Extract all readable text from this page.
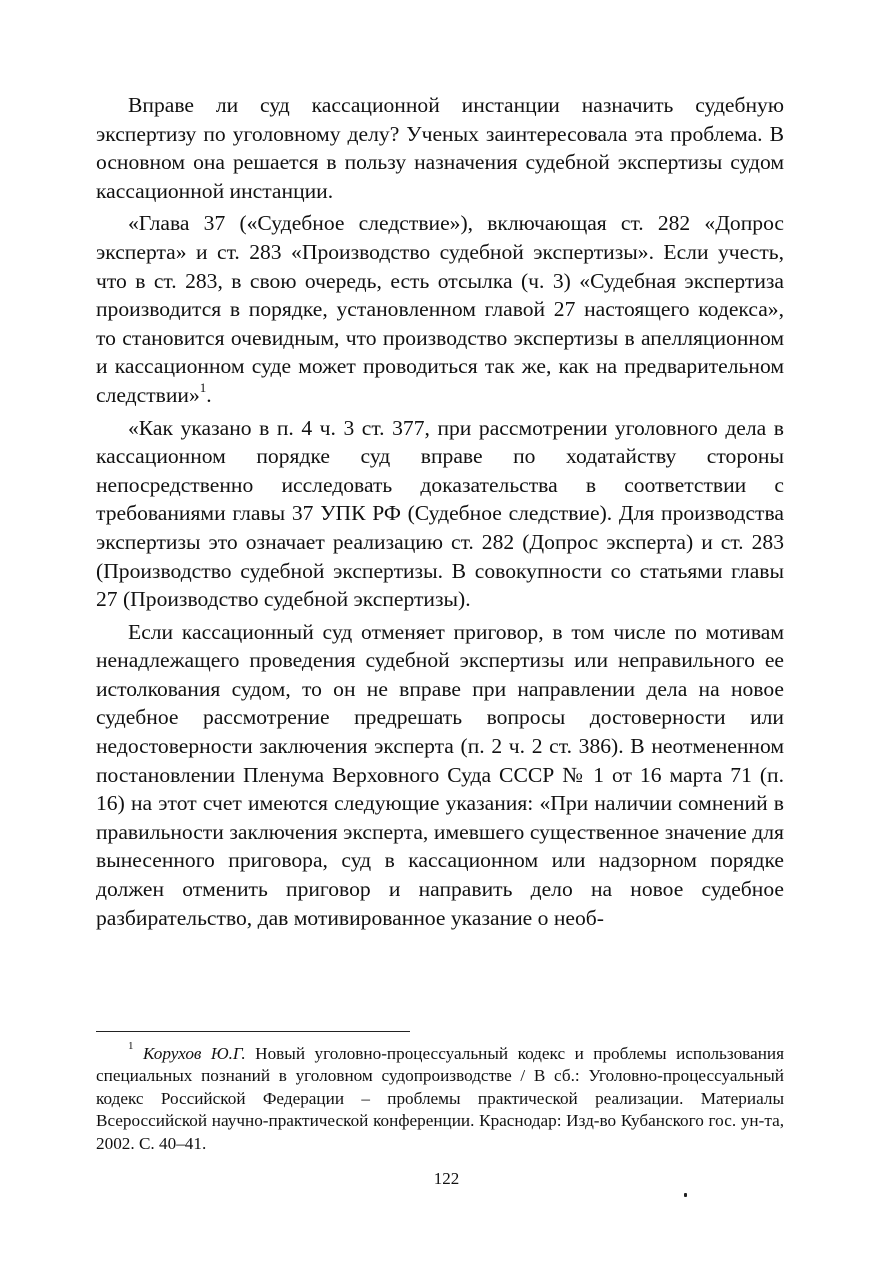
Вправе ли суд кассационной инстанции назначить судебную экспертизу по уголовному делу? Ученых заинтересовала эта проблема. В основном она решается в пользу назначения судебной экспертизы судом кассационной инстанции.

«Глава 37 («Судебное следствие»), включающая ст. 282 «Допрос эксперта» и ст. 283 «Производство судебной экспертизы». Если учесть, что в ст. 283, в свою очередь, есть отсылка (ч. 3) «Судебная экспертиза производится в порядке, установленном главой 27 настоящего кодекса», то становится очевидным, что производство экспертизы в апелляционном и кассационном суде может проводиться так же, как на предварительном следствии»$^1$.

«Как указано в п. 4 ч. 3 ст. 377, при рассмотрении уголовного дела в кассационном порядке суд вправе по ходатайству стороны непосредственно исследовать доказательства в соответствии с требованиями главы 37 УПК РФ (Судебное следствие). Для производства экспертизы это означает реализацию ст. 282 (Допрос эксперта) и ст. 283 (Производство судебной экспертизы. В совокупности со статьями главы 27 (Производство судебной экспертизы).

Если кассационный суд отменяет приговор, в том числе по мотивам ненадлежащего проведения судебной экспертизы или неправильного ее истолкования судом, то он не вправе при направлении дела на новое судебное рассмотрение предрешать вопросы достоверности или недостоверности заключения эксперта (п. 2 ч. 2 ст. 386). В неотмененном постановлении Пленума Верховного Суда СССР № 1 от 16 марта 71 (п. 16) на этот счет имеются следующие указания: «При наличии сомнений в правильности заключения эксперта, имевшего существенное значение для вынесенного приговора, суд в кассационном или надзорном порядке должен отменить приговор и направить дело на новое судебное разбирательство, дав мотивированное указание о необ-

$^1$ Корухов Ю.Г. Новый уголовно-процессуальный кодекс и проблемы использования специальных познаний в уголовном судопроизводстве / В сб.: Уголовно-процессуальный кодекс Российской Федерации – проблемы практической реализации. Материалы Всероссийской научно-практической конференции. Краснодар: Изд-во Кубанского гос. ун-та, 2002. С. 40–41.

122
